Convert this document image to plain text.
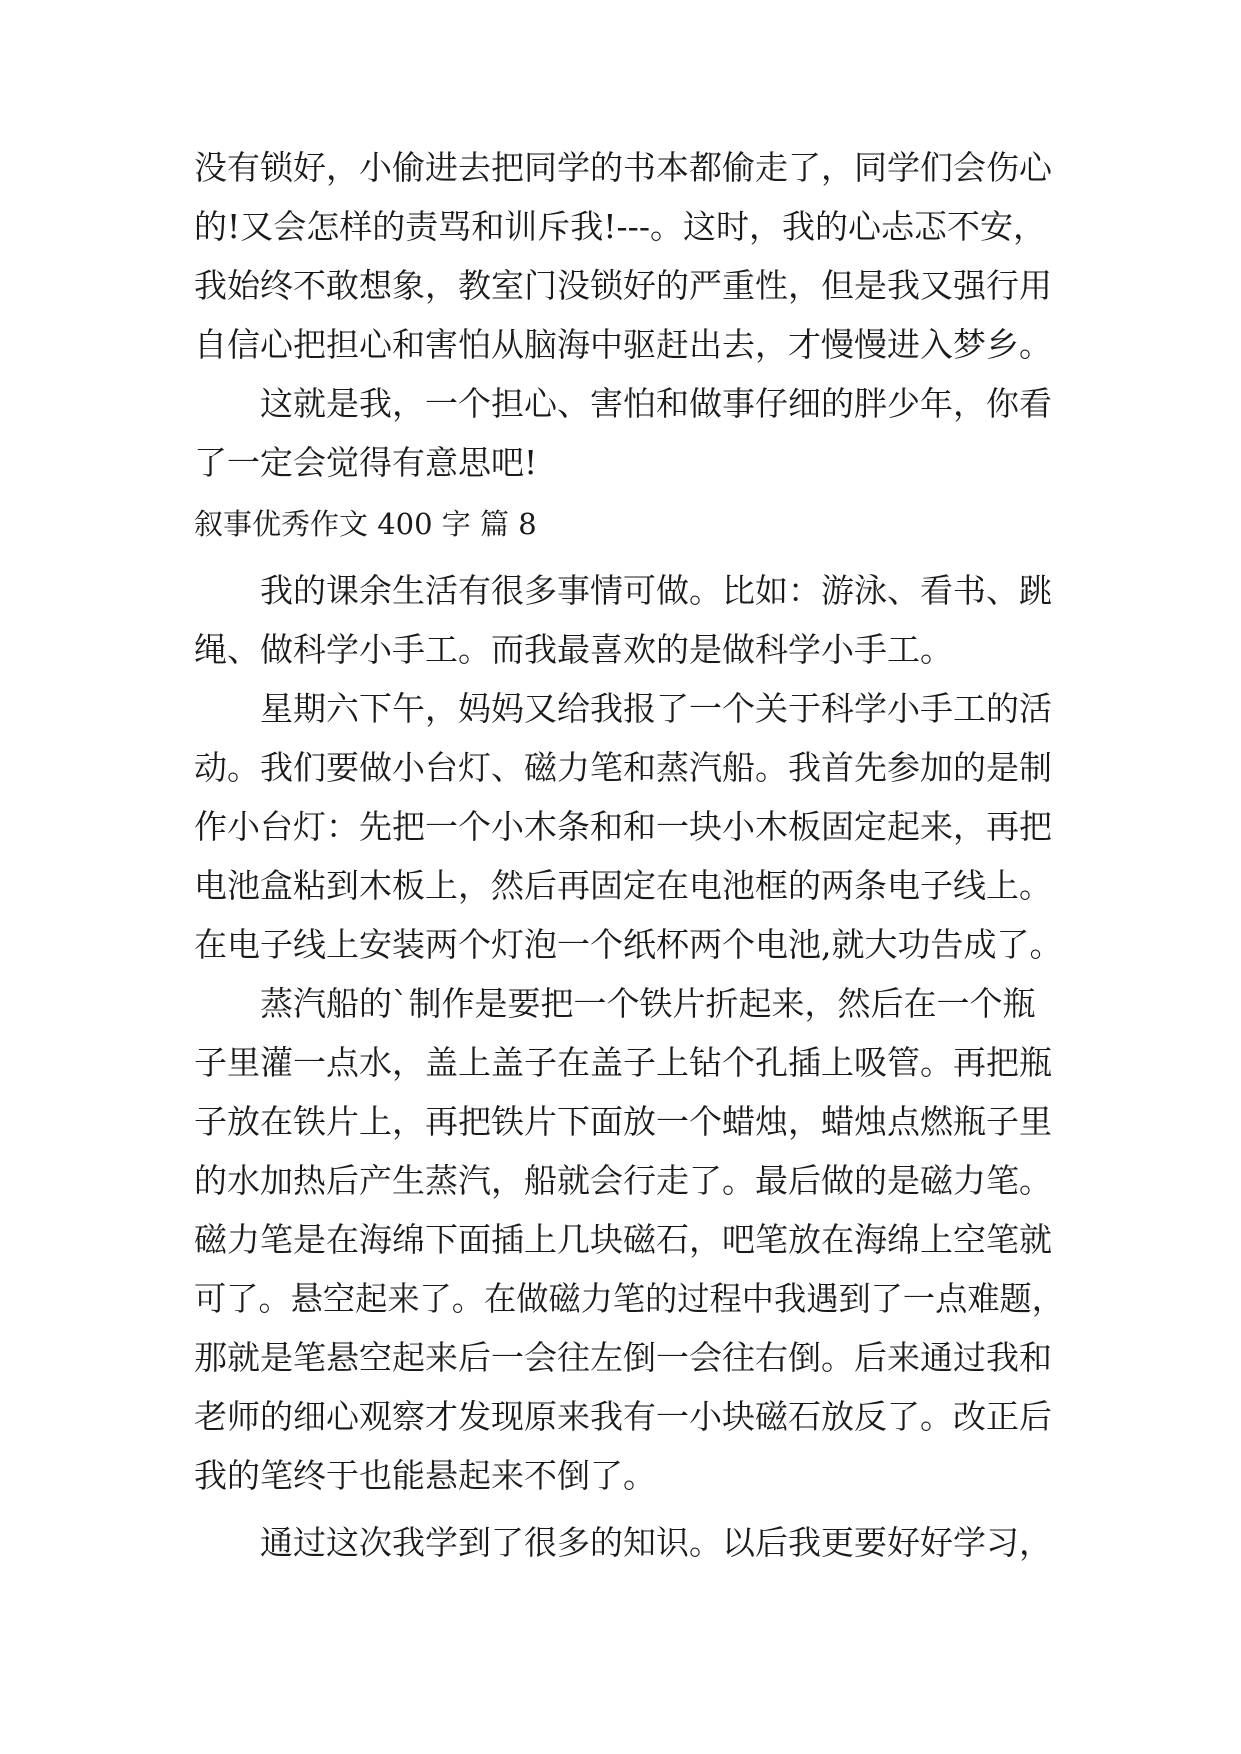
没有锁好，小偷进去把同学的书本都偷走了，同学们会伤心
的!又会怎样的责骂和训斥我!---。这时，我的心忐忑不安，
我始终不敢想象，教室门没锁好的严重性，但是我又强行用
自信心把担心和害怕从脑海中驱赶出去，才慢慢进入梦乡。
这就是我，一个担心、害怕和做事仔细的胖少年，你看
了一定会觉得有意思吧!
叙事优秀作文 400 字 篇 8
我的课余生活有很多事情可做。比如：游泳、看书、跳
绳、做科学小手工。而我最喜欢的是做科学小手工。
星期六下午，妈妈又给我报了一个关于科学小手工的活
动。我们要做小台灯、磁力笔和蒸汽船。我首先参加的是制
作小台灯：先把一个小木条和和一块小木板固定起来，再把
电池盒粘到木板上，然后再固定在电池框的两条电子线上。
在电子线上安装两个灯泡一个纸杯两个电池,就大功告成了。
蒸汽船的`制作是要把一个铁片折起来，然后在一个瓶
子里灌一点水，盖上盖子在盖子上钻个孔插上吸管。再把瓶
子放在铁片上，再把铁片下面放一个蜡烛，蜡烛点燃瓶子里
的水加热后产生蒸汽，船就会行走了。最后做的是磁力笔。
磁力笔是在海绵下面插上几块磁石，吧笔放在海绵上空笔就
可了。悬空起来了。在做磁力笔的过程中我遇到了一点难题，
那就是笔悬空起来后一会往左倒一会往右倒。后来通过我和
老师的细心观察才发现原来我有一小块磁石放反了。改正后
我的笔终于也能悬起来不倒了。
通过这次我学到了很多的知识。以后我更要好好学习，
